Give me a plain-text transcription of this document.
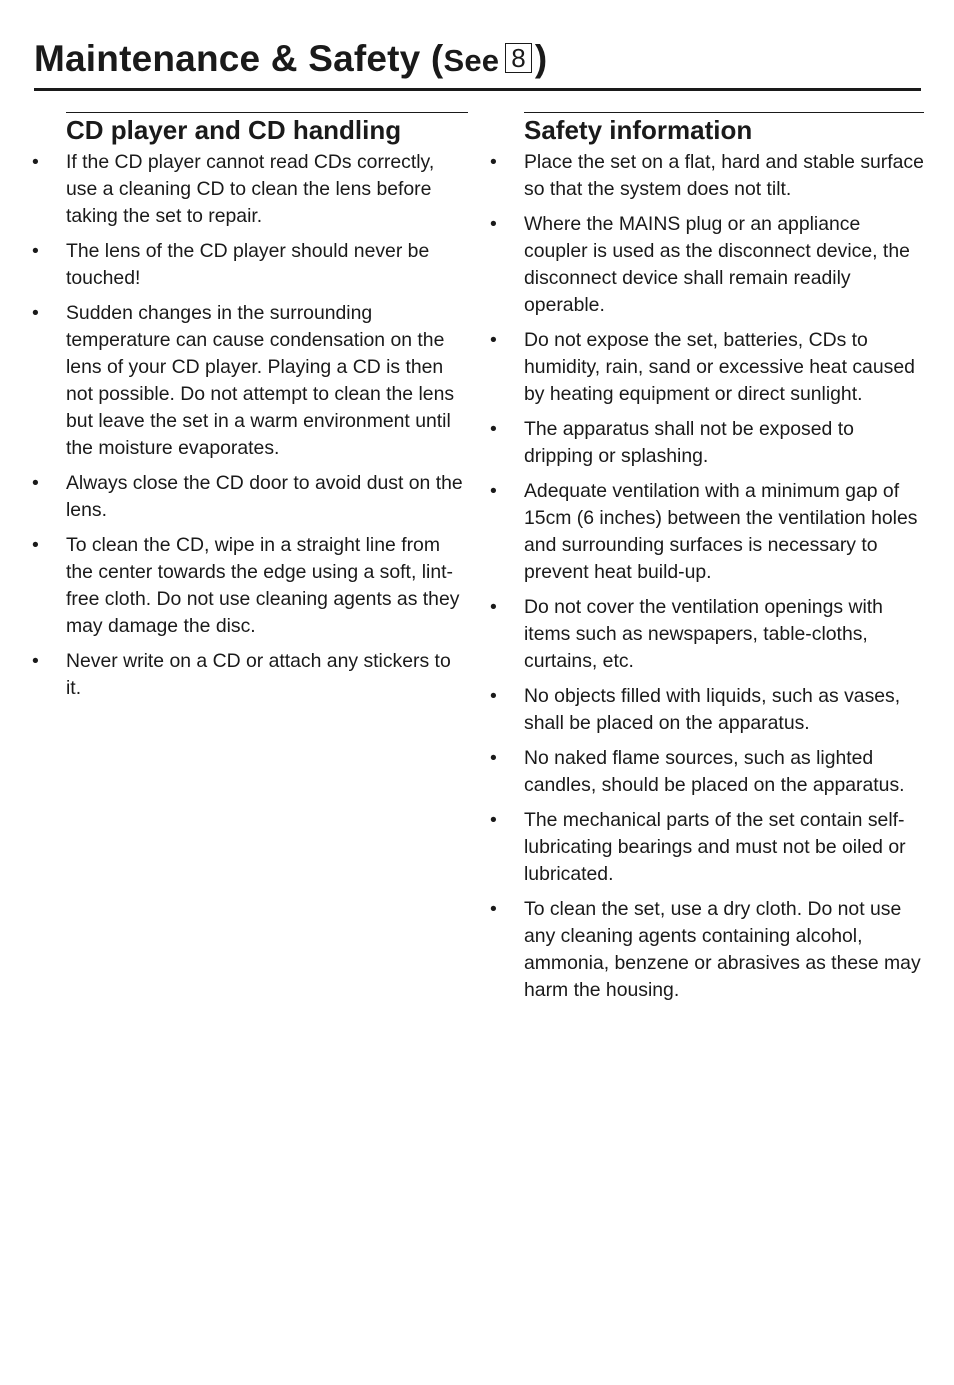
Maintenance & Safety (See 8 )
CD player and CD handling
• If the CD player cannot read CDs correctly, use a cleaning CD to clean the lens before taking the set to repair.
• The lens of the CD player should never be touched!
• Sudden changes in the surrounding temperature can cause condensation on the lens of your CD player. Playing a CD is then not possible. Do not attempt to clean the lens but leave the set in a warm environment until the moisture evaporates.
• Always close the CD door to avoid dust on the lens.
• To clean the CD, wipe in a straight line from the center towards the edge using a soft, lint-free cloth. Do not use cleaning agents as they may damage the disc.
• Never write on a CD or attach any stickers to it.
Safety information
• Place the set on a flat, hard and stable surface so that the system does not tilt.
• Where the MAINS plug or an appliance coupler is used as the disconnect device, the disconnect device shall remain readily operable.
• Do not expose the set, batteries, CDs to humidity, rain, sand or excessive heat caused by heating equipment or direct sunlight.
• The apparatus shall not be exposed to dripping or splashing.
• Adequate ventilation with a minimum gap of 15cm (6 inches) between the ventilation holes and surrounding surfaces is necessary to prevent heat build-up.
• Do not cover the ventilation openings with items such as newspapers, table-cloths, curtains, etc.
• No objects filled with liquids, such as vases, shall be placed on the apparatus.
• No naked flame sources, such as lighted candles, should be placed on the apparatus.
• The mechanical parts of the set contain self-lubricating bearings and must not be oiled or lubricated.
• To clean the set, use a dry cloth. Do not use any cleaning agents containing alcohol, ammonia, benzene or abrasives as these may harm the housing.
